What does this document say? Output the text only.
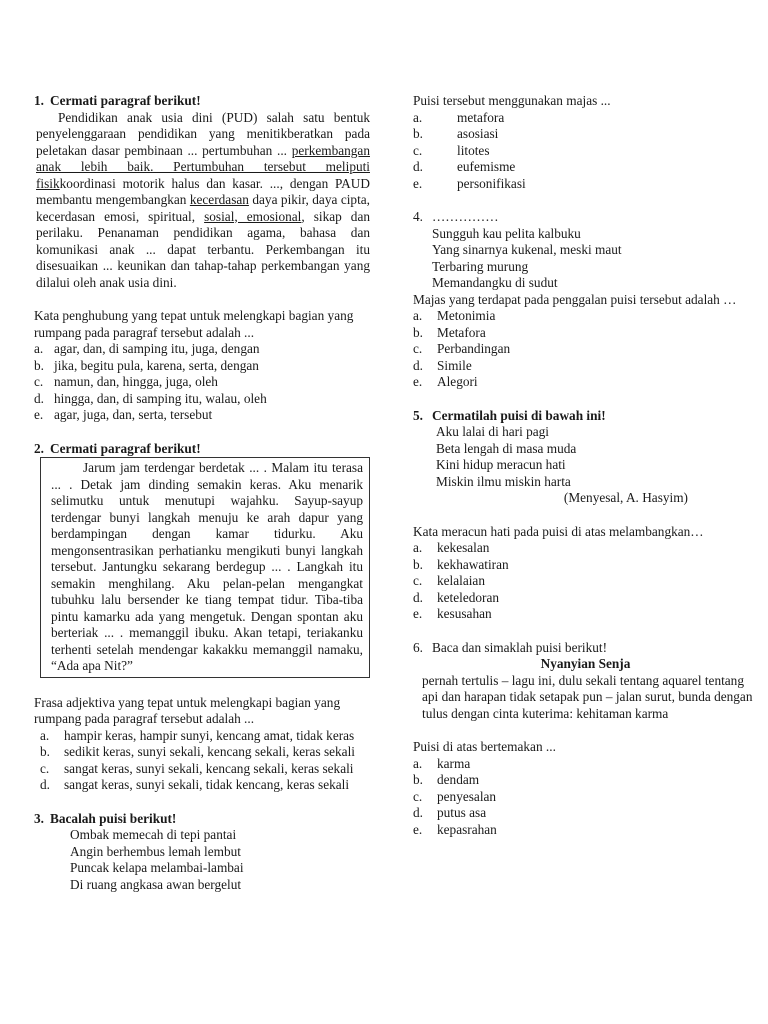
1. Cermati paragraf berikut!

Pendidikan anak usia dini (PUD) salah satu bentuk penyelenggaraan pendidikan yang menitikberatkan pada peletakan dasar pembinaan ... pertumbuhan ... perkembangan anak lebih baik. Pertumbuhan tersebut meliputi fisikkoordinasi motorik halus dan kasar. ..., dengan PAUD membantu mengembangkan kecerdasan daya pikir, daya cipta, kecerdasan emosi, spiritual, sosial, emosional, sikap dan perilaku. Penanaman pendidikan agama, bahasa dan komunikasi anak ... dapat terbantu. Perkembangan itu disesuaikan ... keunikan dan tahap-tahap perkembangan yang dilalui oleh anak usia dini.

Kata penghubung yang tepat untuk melengkapi bagian yang rumpang pada paragraf tersebut adalah ...

a. agar, dan, di samping itu, juga, dengan
b. jika, begitu pula, karena, serta, dengan
c. namun, dan, hingga, juga, oleh
d. hingga, dan, di samping itu, walau, oleh
e. agar, juga, dan, serta, tersebut
2. Cermati paragraf berikut!

Jarum jam terdengar berdetak ... . Malam itu terasa ... . Detak jam dinding semakin keras. Aku menarik selimutku untuk menutupi wajahku. Sayup-sayup terdengar bunyi langkah menuju ke arah dapur yang berdampingan dengan kamar tidurku. Aku mengonsentrasikan perhatianku mengikuti bunyi langkah tersebut. Jantungku sekarang berdegup ... . Langkah itu semakin menghilang. Aku pelan-pelan mengangkat tubuhku lalu bersender ke tiang tempat tidur. Tiba-tiba pintu kamarku ada yang mengetuk. Dengan spontan aku berteriak ... . memanggil ibuku. Akan tetapi, teriakanku terhenti setelah mendengar kakakku memanggil namaku, “Ada apa Nit?”

Frasa adjektiva yang tepat untuk melengkapi bagian yang rumpang pada paragraf tersebut adalah ...

a.	hampir keras, hampir sunyi, kencang amat, tidak keras
b.	sedikit keras, sunyi sekali, kencang sekali, keras sekali
c.	sangat keras, sunyi sekali, kencang sekali, keras sekali
d.	sangat keras, sunyi sekali, tidak kencang, keras sekali
3. Bacalah puisi berikut!
Ombak memecah di tepi pantai
Angin berhembus lemah lembut
Puncak kelapa melambai-lambai
Di ruang angkasa awan bergelut

Puisi tersebut menggunakan majas ...

a.	metafora
b.	asosiasi
c.	litotes
d.	eufemisme
e.	personifikasi
4. ……………
Sungguh kau pelita kalbuku
Yang sinarnya kukenal, meski maut
Terbaring murung
Memandangku di sudut

Majas yang terdapat pada penggalan puisi tersebut adalah …

a.	Metonimia
b.	Metafora
c.	Perbandingan
d.	Simile
e.	Alegori
5. Cermatilah puisi di bawah ini!
Aku lalai di hari pagi
Beta lengah di masa muda
Kini hidup meracun hati
Miskin ilmu miskin harta
(Menyesal, A. Hasyim)

Kata meracun hati pada puisi di atas melambangkan…

a.	kekesalan
b.	kekhawatiran
c.	kelalaian
d.	keteledoran
e.	kesusahan
6. Baca dan simaklah puisi berikut!
Nyanyian Senja

pernah tertulis – lagu ini, dulu sekali tentang aquarel tentang api dan harapan tidak setapak pun – jalan surut, bunda dengan tulus dengan cinta kuterima: kehitaman karma

Puisi di atas bertemakan ...

a.	karma
b.	dendam
c.	penyesalan
d.	putus asa
e.	kepasrahan
